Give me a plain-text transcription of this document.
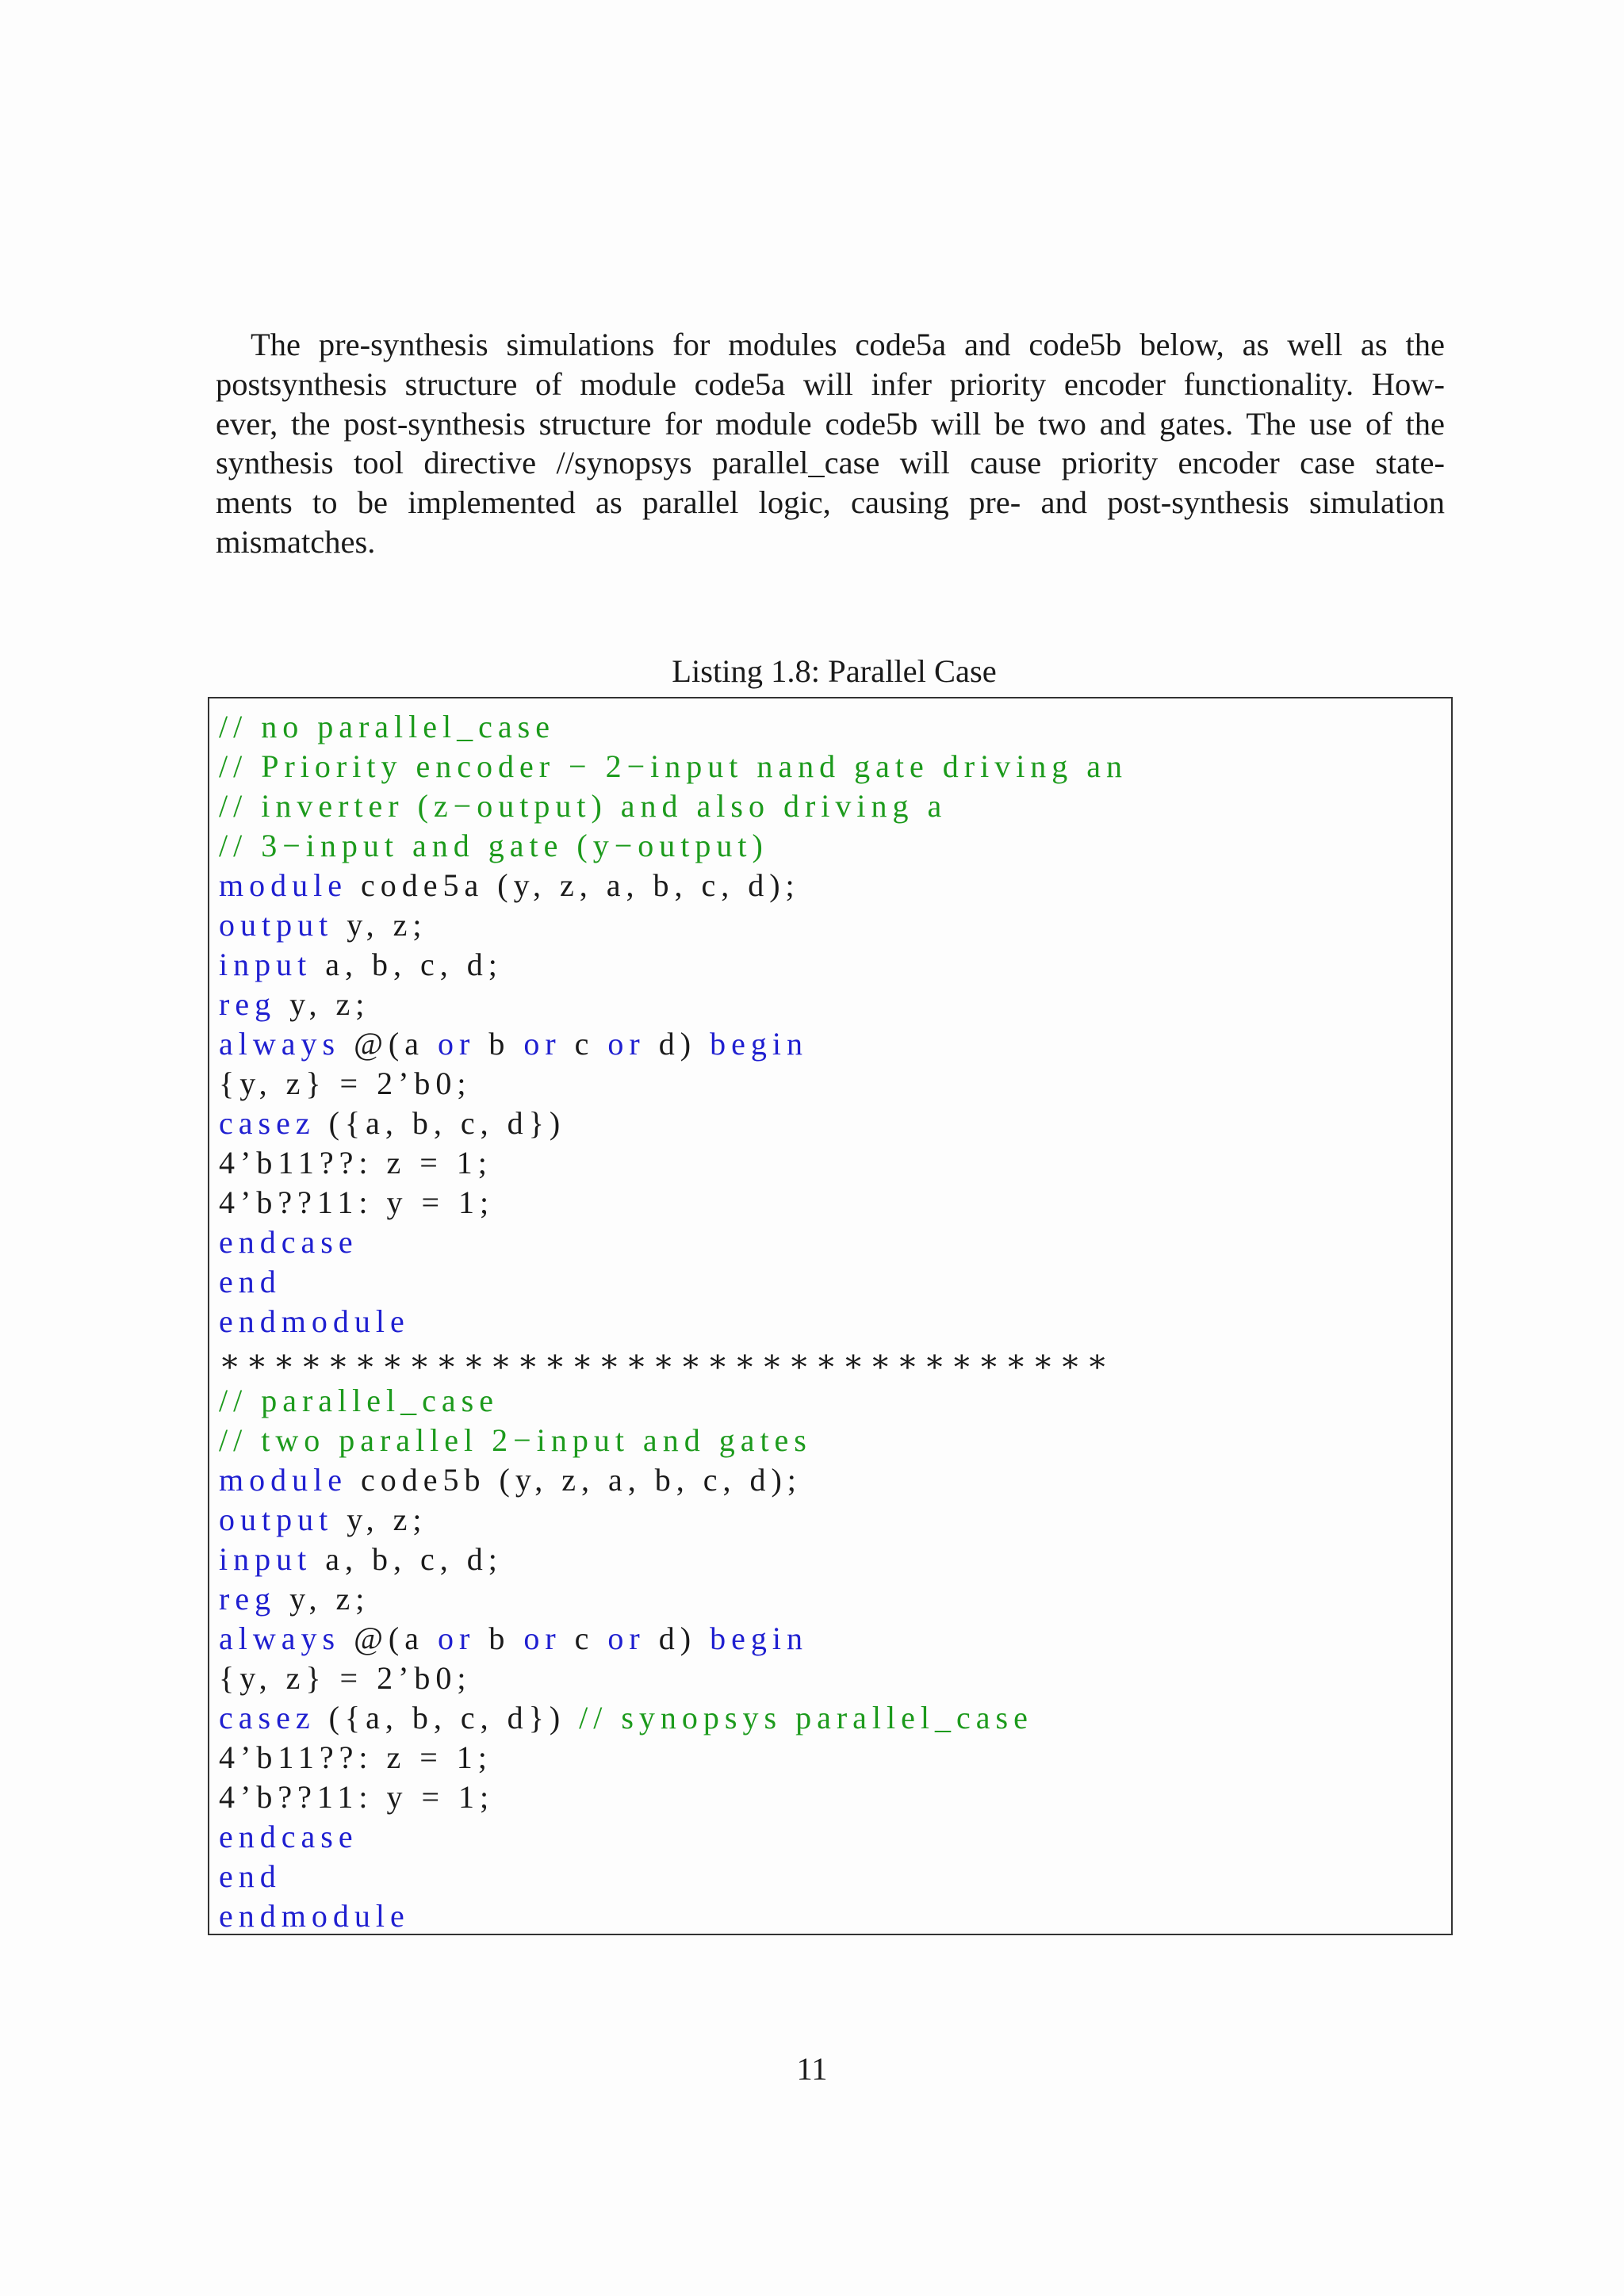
The pre-synthesis simulations for modules code5a and code5b below, as well as the
postsynthesis structure of module code5a will infer priority encoder functionality. How-
ever, the post-synthesis structure for module code5b will be two and gates. The use of the
synthesis tool directive //synopsys parallel_case will cause priority encoder case state-
ments to be implemented as parallel logic, causing pre- and post-synthesis simulation
mismatches.
Listing 1.8: Parallel Case
// no parallel_case
// Priority encoder − 2−input nand gate driving an
// inverter (z−output) and also driving a
// 3−input and gate (y−output)
module code5a (y, z, a, b, c, d);
output y, z;
input a, b, c, d;
reg y, z;
always @(a or b or c or d) begin
{y, z} = 2’b0;
casez ({a, b, c, d})
4’b11??: z = 1;
4’b??11: y = 1;
endcase
end
endmodule
∗∗∗∗∗∗∗∗∗∗∗∗∗∗∗∗∗∗∗∗∗∗∗∗∗∗∗∗∗∗∗∗∗
// parallel_case
// two parallel 2−input and gates
module code5b (y, z, a, b, c, d);
output y, z;
input a, b, c, d;
reg y, z;
always @(a or b or c or d) begin
{y, z} = 2’b0;
casez ({a, b, c, d}) // synopsys parallel_case
4’b11??: z = 1;
4’b??11: y = 1;
endcase
end
endmodule
11
